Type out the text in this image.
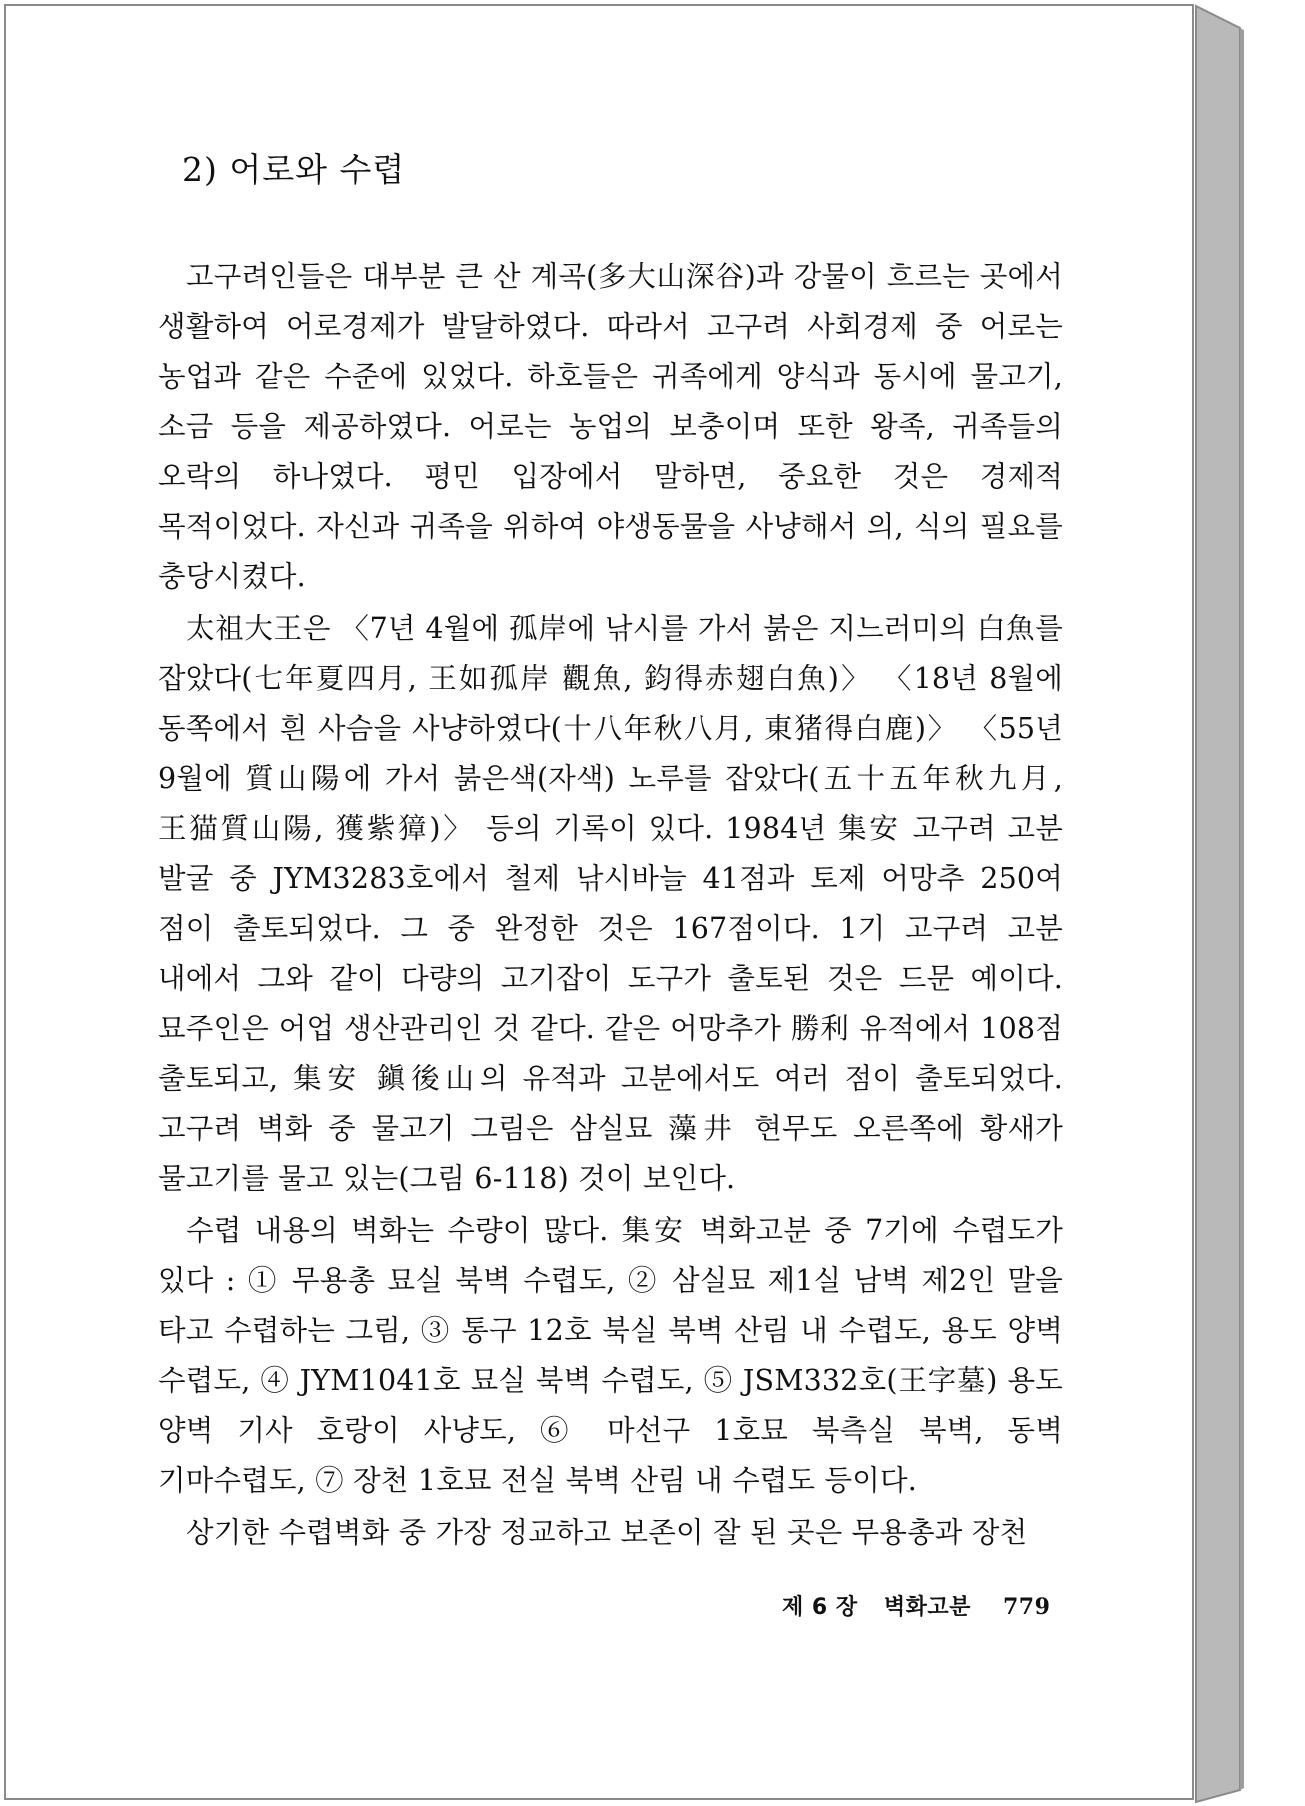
2) 어로와 수렵

고구려인들은 대부분 큰 산 계곡(多大山深谷)과 강물이 흐르는 곳에서 생활하여 어로경제가 발달하였다. 따라서 고구려 사회경제 중 어로는 농업과 같은 수준에 있었다. 하호들은 귀족에게 양식과 동시에 물고기, 소금 등을 제공하였다. 어로는 농업의 보충이며 또한 왕족, 귀족들의 오락의 하나였다. 평민 입장에서 말하면, 중요한 것은 경제적 목적이었다. 자신과 귀족을 위하여 야생동물을 사냥해서 의, 식의 필요를 충당시켰다.

太祖大王은 〈7년 4월에 孤岸에 낚시를 가서 붉은 지느러미의 白魚를 잡았다(七年夏四月, 王如孤岸 觀魚, 鈞得赤翅白魚)〉 〈18년 8월에 동쪽에서 흰 사슴을 사냥하였다(十八年秋八月, 東猪得白鹿)〉 〈55년 9월에 質山陽에 가서 붉은색(자색) 노루를 잡았다(五十五年秋九月, 王猫質山陽, 獲紫獐)〉 등의 기록이 있다. 1984년 集安 고구려 고분 발굴 중 JYM3283호에서 철제 낚시바늘 41점과 토제 어망추 250여 점이 출토되었다. 그 중 완정한 것은 167점이다. 1기 고구려 고분 내에서 그와 같이 다량의 고기잡이 도구가 출토된 것은 드문 예이다. 묘주인은 어업 생산관리인 것 같다. 같은 어망추가 勝利 유적에서 108점 출토되고, 集安 鎭後山의 유적과 고분에서도 여러 점이 출토되었다. 고구려 벽화 중 물고기 그림은 삼실묘 藻井 현무도 오른쪽에 황새가 물고기를 물고 있는(그림 6-118) 것이 보인다.

수렵 내용의 벽화는 수량이 많다. 集安 벽화고분 중 7기에 수렵도가 있다 : ① 무용총 묘실 북벽 수렵도, ② 삼실묘 제1실 남벽 제2인 말을 타고 수렵하는 그림, ③ 통구 12호 북실 북벽 산림 내 수렵도, 용도 양벽 수렵도, ④ JYM1041호 묘실 북벽 수렵도, ⑤ JSM332호(王字墓) 용도 양벽 기사 호랑이 사냥도, ⑥ 마선구 1호묘 북측실 북벽, 동벽 기마수렵도, ⑦ 장천 1호묘 전실 북벽 산림 내 수렵도 등이다.

상기한 수렵벽화 중 가장 정교하고 보존이 잘 된 곳은 무용총과 장천

제 6 장 벽화고분 779
